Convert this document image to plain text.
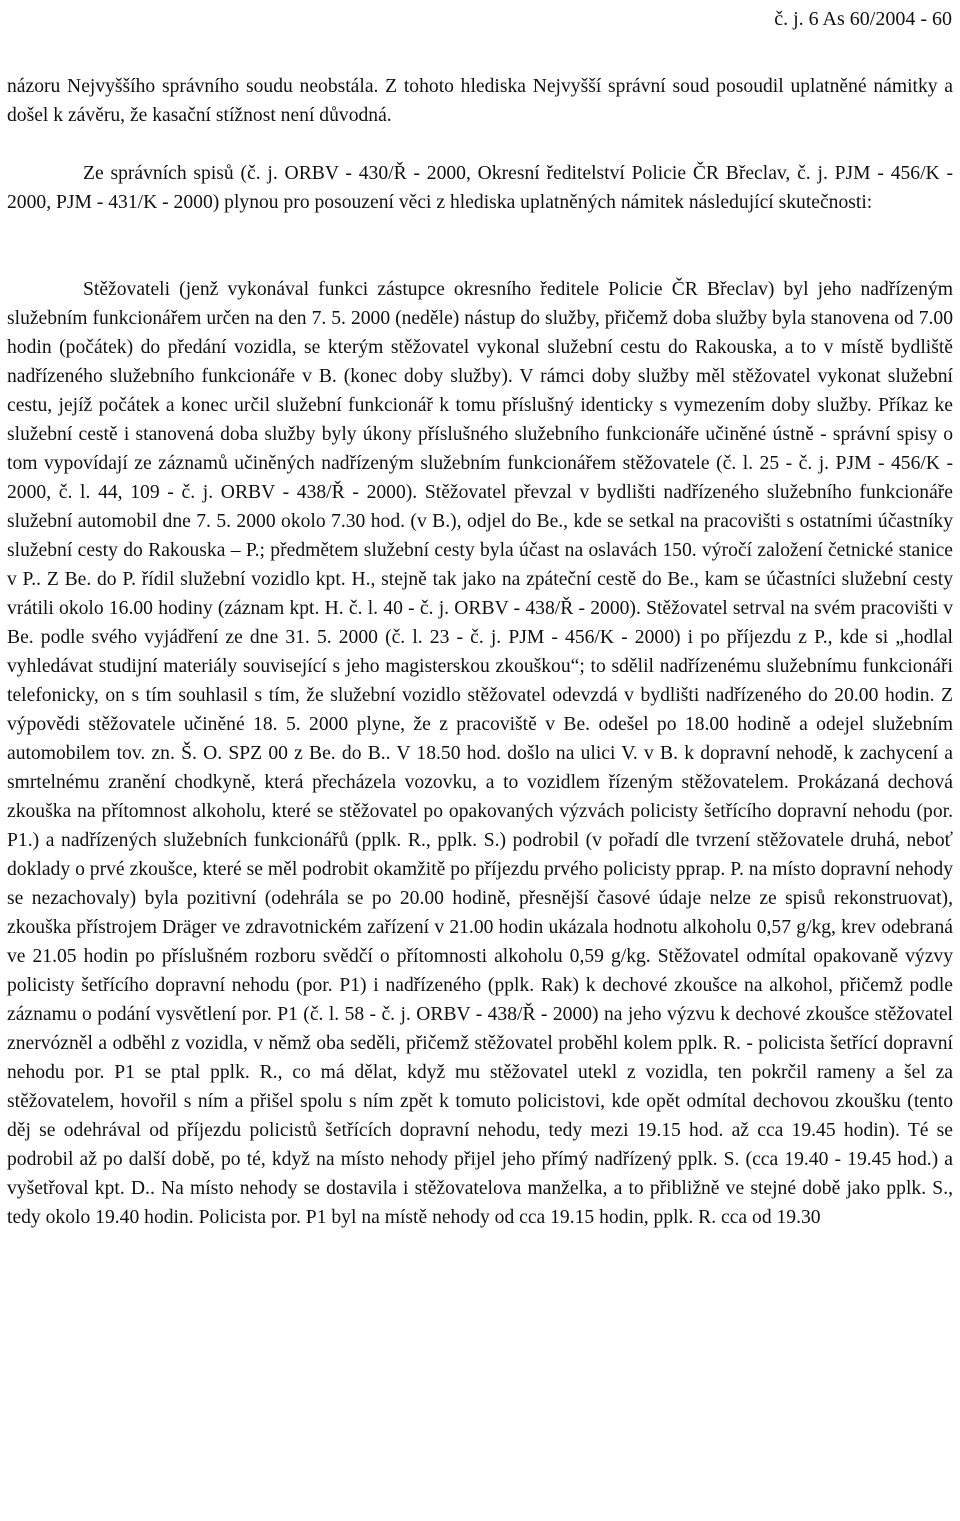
č. j. 6 As 60/2004 - 60

názoru Nejvyššího správního soudu neobstála. Z tohoto hlediska Nejvyšší správní soud posoudil uplatněné námitky a došel k závěru, že kasační stížnost není důvodná.

Ze správních spisů (č. j. ORBV - 430/Ř - 2000, Okresní ředitelství Policie ČR Břeclav, č. j. PJM - 456/K - 2000, PJM - 431/K - 2000) plynou pro posouzení věci z hlediska uplatněných námitek následující skutečnosti:

Stěžovateli (jenž vykonával funkci zástupce okresního ředitele Policie ČR Břeclav) byl jeho nadřízeným služebním funkcionářem určen na den 7. 5. 2000 (neděle) nástup do služby, přičemž doba služby byla stanovena od 7.00 hodin (počátek) do předání vozidla, se kterým stěžovatel vykonal služební cestu do Rakouska, a to v místě bydliště nadřízeného služebního funkcionáře v B. (konec doby služby). V rámci doby služby měl stěžovatel vykonat služební cestu, jejíž počátek a konec určil služební funkcionář k tomu příslušný identicky s vymezením doby služby. Příkaz ke služební cestě i stanovená doba služby byly úkony příslušného služebního funkcionáře učiněné ústně - správní spisy o tom vypovídají ze záznamů učiněných nadřízeným služebním funkcionářem stěžovatele (č. l. 25 - č. j. PJM - 456/K - 2000, č. l. 44, 109 - č. j. ORBV - 438/Ř - 2000). Stěžovatel převzal v bydlišti nadřízeného služebního funkcionáře služební automobil dne 7. 5. 2000 okolo 7.30 hod. (v B.), odjel do Be., kde se setkal na pracovišti s ostatními účastníky služební cesty do Rakouska – P.; předmětem služební cesty byla účast na oslavách 150. výročí založení četnické stanice v P.. Z Be. do P. řídil služební vozidlo kpt. H., stejně tak jako na zpáteční cestě do Be., kam se účastníci služební cesty vrátili okolo 16.00 hodiny (záznam kpt. H. č. l. 40 - č. j. ORBV - 438/Ř - 2000). Stěžovatel setrval na svém pracovišti v Be. podle svého vyjádření ze dne 31. 5. 2000 (č. l. 23 - č. j. PJM - 456/K - 2000) i po příjezdu z P., kde si „hodlal vyhledávat studijní materiály související s jeho magisterskou zkouškou“; to sdělil nadřízenému služebnímu funkcionáři telefonicky, on s tím souhlasil s tím, že služební vozidlo stěžovatel odevzdá v bydlišti nadřízeného do 20.00 hodin. Z výpovědi stěžovatele učiněné 18. 5. 2000 plyne, že z pracoviště v Be. odešel po 18.00 hodině a odejel služebním automobilem tov. zn. Š. O. SPZ 00 z Be. do B.. V 18.50 hod. došlo na ulici V. v B. k dopravní nehodě, k zachycení a smrtelnému zranění chodkyně, která přecházela vozovku, a to vozidlem řízeným stěžovatelem. Prokázaná dechová zkouška na přítomnost alkoholu, které se stěžovatel po opakovaných výzvách policisty šetřícího dopravní nehodu (por. P1.) a nadřízených služebních funkcionářů (pplk. R., pplk. S.) podrobil (v pořadí dle tvrzení stěžovatele druhá, neboť doklady o prvé zkoušce, které se měl podrobit okamžitě po příjezdu prvého policisty pprap. P. na místo dopravní nehody se nezachovaly) byla pozitivní (odehrála se po 20.00 hodině, přesnější časové údaje nelze ze spisů rekonstruovat), zkouška přístrojem Dräger ve zdravotnickém zařízení v 21.00 hodin ukázala hodnotu alkoholu 0,57 g/kg, krev odebraná ve 21.05 hodin po příslušném rozboru svědčí o přítomnosti alkoholu 0,59 g/kg. Stěžovatel odmítal opakovaně výzvy policisty šetřícího dopravní nehodu (por. P1) i nadřízeného (pplk. Rak) k dechové zkoušce na alkohol, přičemž podle záznamu o podání vysvětlení por. P1 (č. l. 58 - č. j. ORBV - 438/Ř - 2000) na jeho výzvu k dechové zkoušce stěžovatel znervózněl a odběhl z vozidla, v němž oba seděli, přičemž stěžovatel proběhl kolem pplk. R. - policista šetřící dopravní nehodu por. P1 se ptal pplk. R., co má dělat, když mu stěžovatel utekl z vozidla, ten pokrčil rameny a šel za stěžovatelem, hovořil s ním a přišel spolu s ním zpět k tomuto policistovi, kde opět odmítal dechovou zkoušku (tento děj se odehrával od příjezdu policistů šetřících dopravní nehodu, tedy mezi 19.15 hod. až cca 19.45 hodin). Té se podrobil až po další době, po té, když na místo nehody přijel jeho přímý nadřízený pplk. S. (cca 19.40 - 19.45 hod.) a vyšetřoval kpt. D.. Na místo nehody se dostavila i stěžovatelova manželka, a to přibližně ve stejné době jako pplk. S., tedy okolo 19.40 hodin. Policista por. P1 byl na místě nehody od cca 19.15 hodin, pplk. R. cca od 19.30
